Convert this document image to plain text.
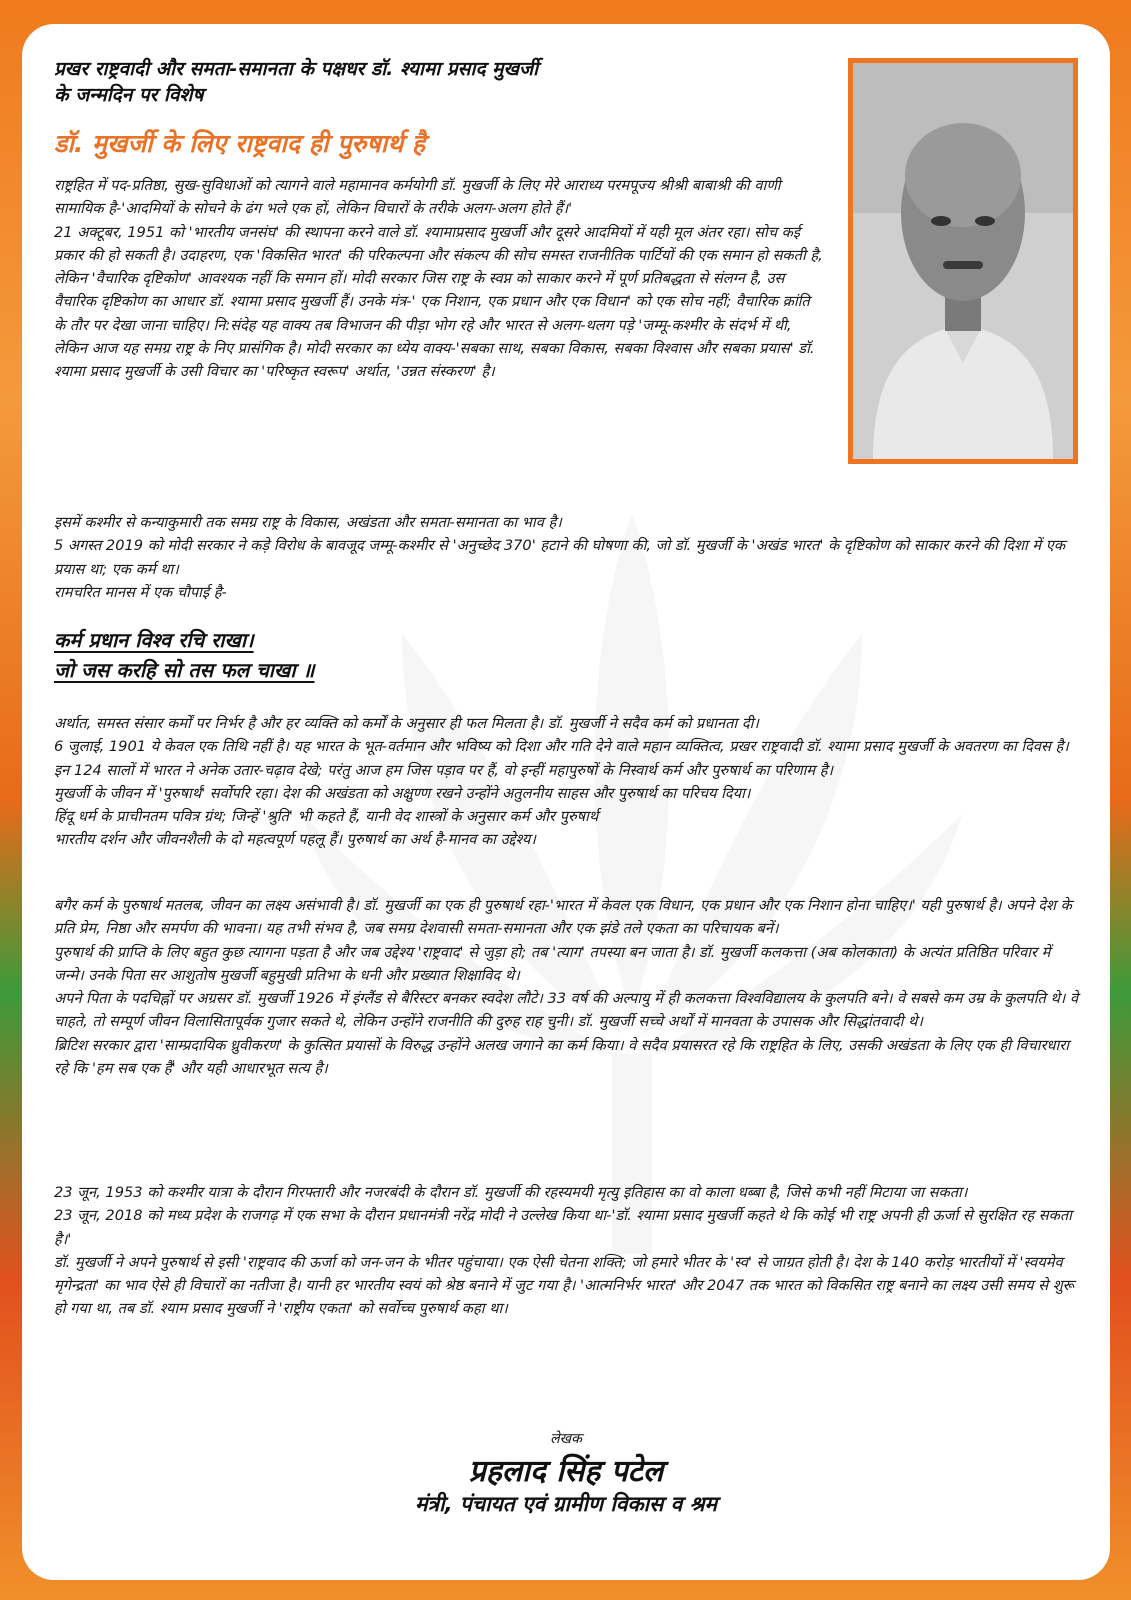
प्रखर राष्ट्रवादी और समता-समानता के पक्षधर डॉ. श्यामा प्रसाद मुखर्जी
के जन्मदिन पर विशेष
डॉ. मुखर्जी के लिए राष्ट्रवाद ही पुरुषार्थ है

राष्ट्रहित में पद-प्रतिष्ठा, सुख-सुविधाओं को त्यागने वाले महामानव कर्मयोगी डॉ. मुखर्जी के लिए मेरे आराध्य परमपूज्य श्रीश्री बाबाश्री की वाणी सामायिक है-'आदमियों के सोचने के ढंग भले एक हों, लेकिन विचारों के तरीके अलग-अलग होते हैं।'

21 अक्टूबर, 1951 को 'भारतीय जनसंघ' की स्थापना करने वाले डॉ. श्यामाप्रसाद मुखर्जी और दूसरे आदमियों में यही मूल अंतर रहा। सोच कई प्रकार की हो सकती है। उदाहरण, एक 'विकसित भारत' की परिकल्पना और संकल्प की सोच समस्त राजनीतिक पार्टियों की एक समान हो सकती है, लेकिन 'वैचारिक दृष्टिकोण' आवश्यक नहीं कि समान हों। मोदी सरकार जिस राष्ट्र के स्वप्न को साकार करने में पूर्ण प्रतिबद्धता से संलग्न है, उस वैचारिक दृष्टिकोण का आधार डॉ. श्यामा प्रसाद मुखर्जी हैं। उनके मंत्र-' एक निशान, एक प्रधान और एक विधान' को एक सोच नहीं; वैचारिक क्रांति के तौर पर देखा जाना चाहिए। नि:संदेह यह वाक्य तब विभाजन की पीड़ा भोग रहे और भारत से अलग-थलग पड़े 'जम्मू-कश्मीर के संदर्भ में थी, लेकिन आज यह समग्र राष्ट्र के निए प्रासंगिक है। मोदी सरकार का ध्येय वाक्य-'सबका साथ, सबका विकास, सबका विश्वास और सबका प्रयास' डॉ. श्यामा प्रसाद मुखर्जी के उसी विचार का 'परिष्कृत स्वरूप' अर्थात, 'उन्नत संस्करण' है।

इसमें कश्मीर से कन्याकुमारी तक समग्र राष्ट्र के विकास, अखंडता और समता-समानता का भाव है।

5 अगस्त 2019 को मोदी सरकार ने कड़े विरोध के बावजूद जम्मू-कश्मीर से 'अनुच्छेद 370' हटाने की घोषणा की, जो डॉ. मुखर्जी के 'अखंड भारत' के दृष्टिकोण को साकार करने की दिशा में एक प्रयास था; एक कर्म था।

रामचरित मानस में एक चौपाई है-

कर्म प्रधान विश्व रचि राखा।
जो जस करहि सो तस फल चाखा ॥

अर्थात, समस्त संसार कर्मों पर निर्भर है और हर व्यक्ति को कर्मों के अनुसार ही फल मिलता है। डॉ. मुखर्जी ने सदैव कर्म को प्रधानता दी।

6 जुलाई, 1901 ये केवल एक तिथि नहीं है। यह भारत के भूत-वर्तमान और भविष्य को दिशा और गति देने वाले महान व्यक्तित्व, प्रखर राष्ट्रवादी डॉ. श्यामा प्रसाद मुखर्जी के अवतरण का दिवस है। इन 124 सालों में भारत ने अनेक उतार-चढ़ाव देखे; परंतु आज हम जिस पड़ाव पर हैं, वो इन्हीं महापुरुषों के निस्वार्थ कर्म और पुरुषार्थ का परिणाम है।

मुखर्जी के जीवन में 'पुरुषार्थ' सर्वोपरि रहा। देश की अखंडता को अक्षुण्ण रखने उन्होंने अतुलनीय साहस और पुरुषार्थ का परिचय दिया।

हिंदू धर्म के प्राचीनतम पवित्र ग्रंथ; जिन्हें 'श्रुति' भी कहते हैं, यानी वेद शास्त्रों के अनुसार कर्म और पुरुषार्थ

भारतीय दर्शन और जीवनशैली के दो महत्वपूर्ण पहलू हैं। पुरुषार्थ का अर्थ है-मानव का उद्देश्य।

बगैर कर्म के पुरुषार्थ मतलब, जीवन का लक्ष्य असंभावी है। डॉ. मुखर्जी का एक ही पुरुषार्थ रहा-'भारत में केवल एक विधान, एक प्रधान और एक निशान होना चाहिए।' यही पुरुषार्थ है। अपने देश के प्रति प्रेम, निष्ठा और समर्पण की भावना। यह तभी संभव है, जब समग्र देशवासी समता-समानता और एक झंडे तले एकता का परिचायक बनें।

पुरुषार्थ की प्राप्ति के लिए बहुत कुछ त्यागना पड़ता है और जब उद्देश्य 'राष्ट्रवाद' से जुड़ा हो; तब 'त्याग' तपस्या बन जाता है। डॉ. मुखर्जी कलकत्ता (अब कोलकाता) के अत्यंत प्रतिष्ठित परिवार में जन्मे। उनके पिता सर आशुतोष मुखर्जी बहुमुखी प्रतिभा के धनी और प्रख्यात शिक्षाविद थे।

अपने पिता के पदचिह्नों पर अग्रसर डॉ. मुखर्जी 1926 में इंग्लैंड से बैरिस्टर बनकर स्वदेश लौटे। 33 वर्ष की अल्पायु में ही कलकत्ता विश्वविद्यालय के कुलपति बने। वे सबसे कम उम्र के कुलपति थे। वे चाहते, तो सम्पूर्ण जीवन विलासितापूर्वक गुजार सकते थे, लेकिन उन्होंने राजनीति की दुरुह राह चुनी। डॉ. मुखर्जी सच्चे अर्थों में मानवता के उपासक और सिद्धांतवादी थे।

ब्रिटिश सरकार द्वारा 'साम्प्रदायिक ध्रुवीकरण' के कुत्सित प्रयासों के विरुद्ध उन्होंने अलख जगाने का कर्म किया। वे सदैव प्रयासरत रहे कि राष्ट्रहित के लिए, उसकी अखंडता के लिए एक ही विचारधारा रहे कि 'हम सब एक हैं' और यही आधारभूत सत्य है।

23 जून, 1953 को कश्मीर यात्रा के दौरान गिरफ्तारी और नजरबंदी के दौरान डॉ. मुखर्जी की रहस्यमयी मृत्यु इतिहास का वो काला धब्बा है, जिसे कभी नहीं मिटाया जा सकता।

23 जून, 2018 को मध्य प्रदेश के राजगढ़ में एक सभा के दौरान प्रधानमंत्री नरेंद्र मोदी ने उल्लेख किया था-'डॉ. श्यामा प्रसाद मुखर्जी कहते थे कि कोई भी राष्ट्र अपनी ही ऊर्जा से सुरक्षित रह सकता है।'

डॉ. मुखर्जी ने अपने पुरुषार्थ से इसी 'राष्ट्रवाद की ऊर्जा को जन-जन के भीतर पहुंचाया। एक ऐसी चेतना शक्ति; जो हमारे भीतर के 'स्व' से जाग्रत होती है। देश के 140 करोड़ भारतीयों में 'स्वयमेव मृगेन्द्रता' का भाव ऐसे ही विचारों का नतीजा है। यानी हर भारतीय स्वयं को श्रेष्ठ बनाने में जुट गया है। 'आत्मनिर्भर भारत' और 2047 तक भारत को विकसित राष्ट्र बनाने का लक्ष्य उसी समय से शुरू हो गया था, तब डॉ. श्याम प्रसाद मुखर्जी ने 'राष्ट्रीय एकता' को सर्वोच्च पुरुषार्थ कहा था।

लेखक
प्रहलाद सिंह पटेल
मंत्री, पंचायत एवं ग्रामीण विकास व श्रम
